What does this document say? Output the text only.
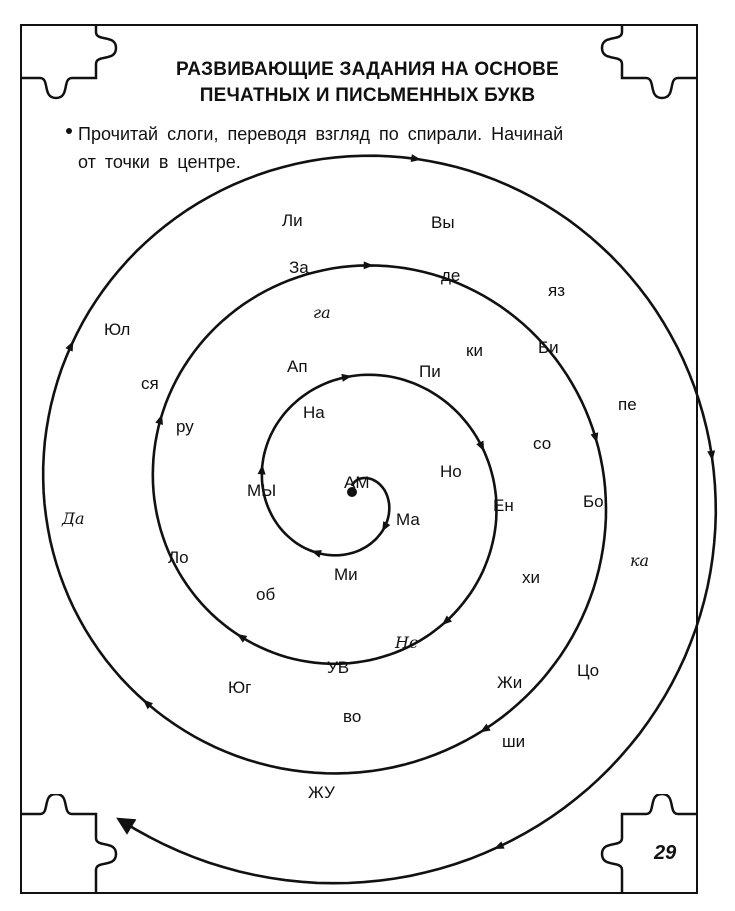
РАЗВИВАЮЩИЕ ЗАДАНИЯ НА ОСНОВЕ
ПЕЧАТНЫХ И ПИСЬМЕННЫХ БУКВ
Прочитай слоги, переводя взгляд по спирали. Начинай
от точки в центре.
АМ
ЖУ
Ма
Ми
МЫ
На
Но
Пи
Ен
хи
Не
об
Ап
ру
га
ки
со
Ло
УВ
Жи
Бо
Би
де
За
ся
Юл
Да
Юг
во
ши
Цо
ка
пе
яз
Вы
Ли
29
